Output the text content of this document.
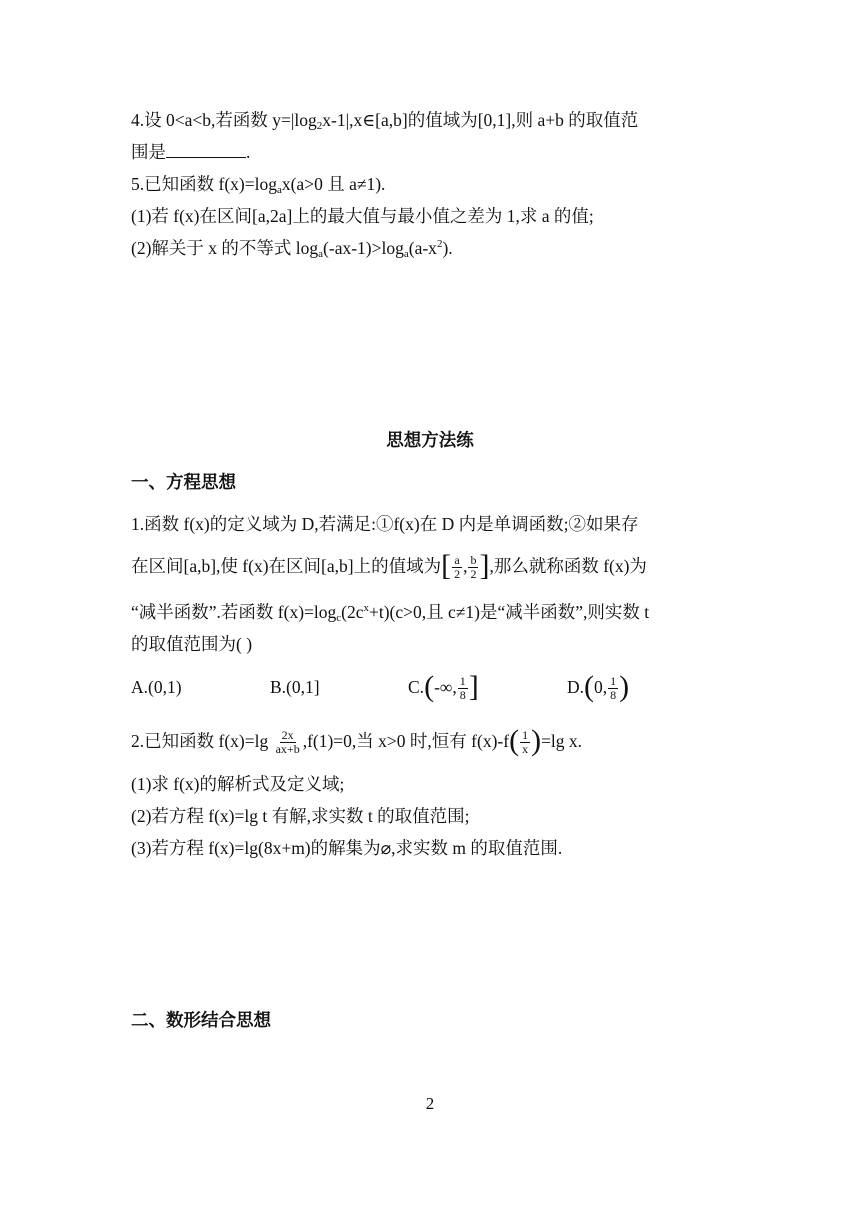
4.设 0<a<b,若函数 $y=|\log_2x-1|,x\in[a,b]$的值域为[0,1],则 a+b 的取值范
围是	.
5.已知函数 $f(x)=\log_ax(a>0$ 且 a≠1).
(1)若 f(x)在区间[a,2a]上的最大值与最小值之差为 1,求 a 的值;
(2)解关于 x 的不等式 $\log_a(-ax-1)>\log_a(a-x^2)$.
思想方法练
一、方程思想
1.函数 f(x)的定义域为 D,若满足:①f(x)在 D 内是单调函数;②如果存
在区间[a,b],使 f(x)在区间[a,b]上的值域为[ $\frac{a}{2}$ , $\frac{b}{2}$ ],那么就称函数 f(x)为
“减半函数”.若函数 $f(x)=\log_c(2c^x+t)(c>0$,且 c≠1)是“减半函数”,则实数 t
的取值范围为( )
A.(0,1)	B.(0,1]	C.(-∞, $\frac{1}{8}$ ]	D.(0, $\frac{1}{8}$ )
2.已知函数 $f(x)=\lg \frac{2x}{ax+b} ,f(1)=0$,当 x>0 时,恒有 $f(x)-f( \frac{1}{x} )=\lg$ x.
(1)求 f(x)的解析式及定义域;
(2)若方程 f(x)=lg t 有解,求实数 t 的取值范围;
(3)若方程 f(x)=lg(8x+m)的解集为⌀,求实数 m 的取值范围.
二、数形结合思想
2
